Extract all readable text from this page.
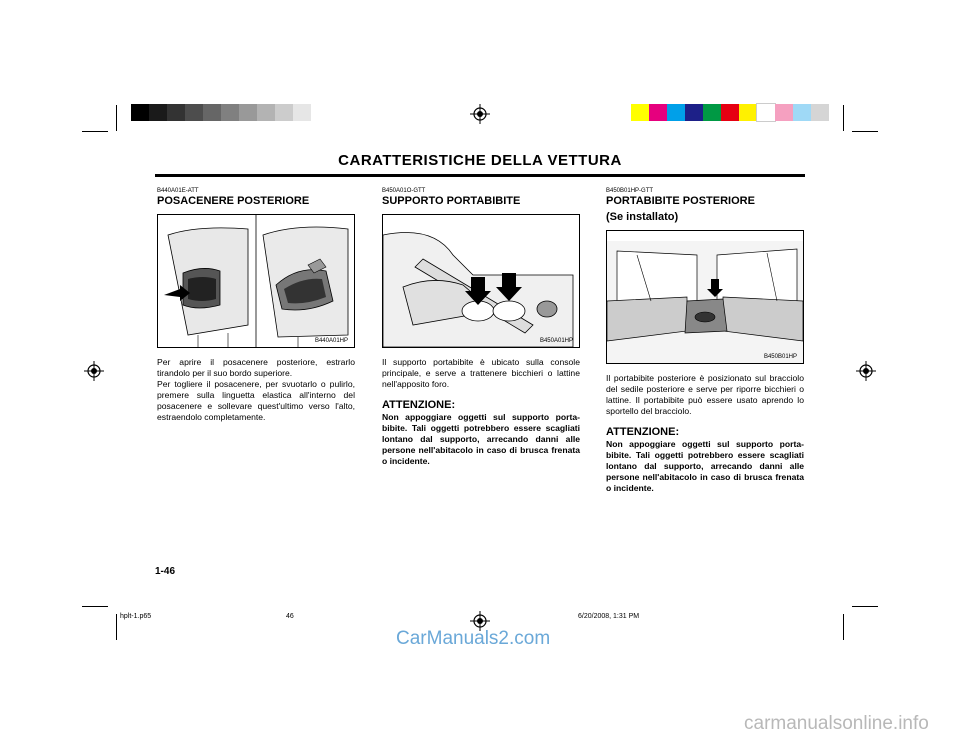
CARATTERISTICHE DELLA VETTURA
B440A01E-ATT
POSACENERE POSTERIORE
B440A01HP
Per aprire il posacenere posteriore, estrarlo tirandolo per il suo bordo superiore.
Per togliere il posacenere, per svuotarlo o pulirlo, premere sulla linguetta elastica all'interno del posacenere e sollevare quest'ultimo verso l'alto, estraendolo completamente.
B450A01O-GTT
SUPPORTO PORTABIBITE
B450A01HP
Il supporto portabibite è ubicato sulla console principale, e serve a trattenere bicchieri o lattine nell'apposito foro.
ATTENZIONE:
Non appoggiare oggetti sul supporto porta-bibite. Tali oggetti potrebbero essere scagliati lontano dal supporto, arrecando danni alle persone nell'abitacolo in caso di brusca frenata o incidente.
B450B01HP-GTT
PORTABIBITE POSTERIORE
(Se installato)
B450B01HP
Il portabibite posteriore è posizionato sul bracciolo del sedile posteriore e serve per riporre bicchieri o lattine. Il portabibite può essere usato aprendo lo sportello del bracciolo.
ATTENZIONE:
Non appoggiare oggetti sul supporto porta-bibite. Tali oggetti potrebbero essere scagliati lontano dal supporto, arrecando danni alle persone nell'abitacolo in caso di brusca frenata o incidente.
1-46
hplt-1.p65	46	6/20/2008, 1:31 PM
CarManuals2.com
carmanualsonline.info
